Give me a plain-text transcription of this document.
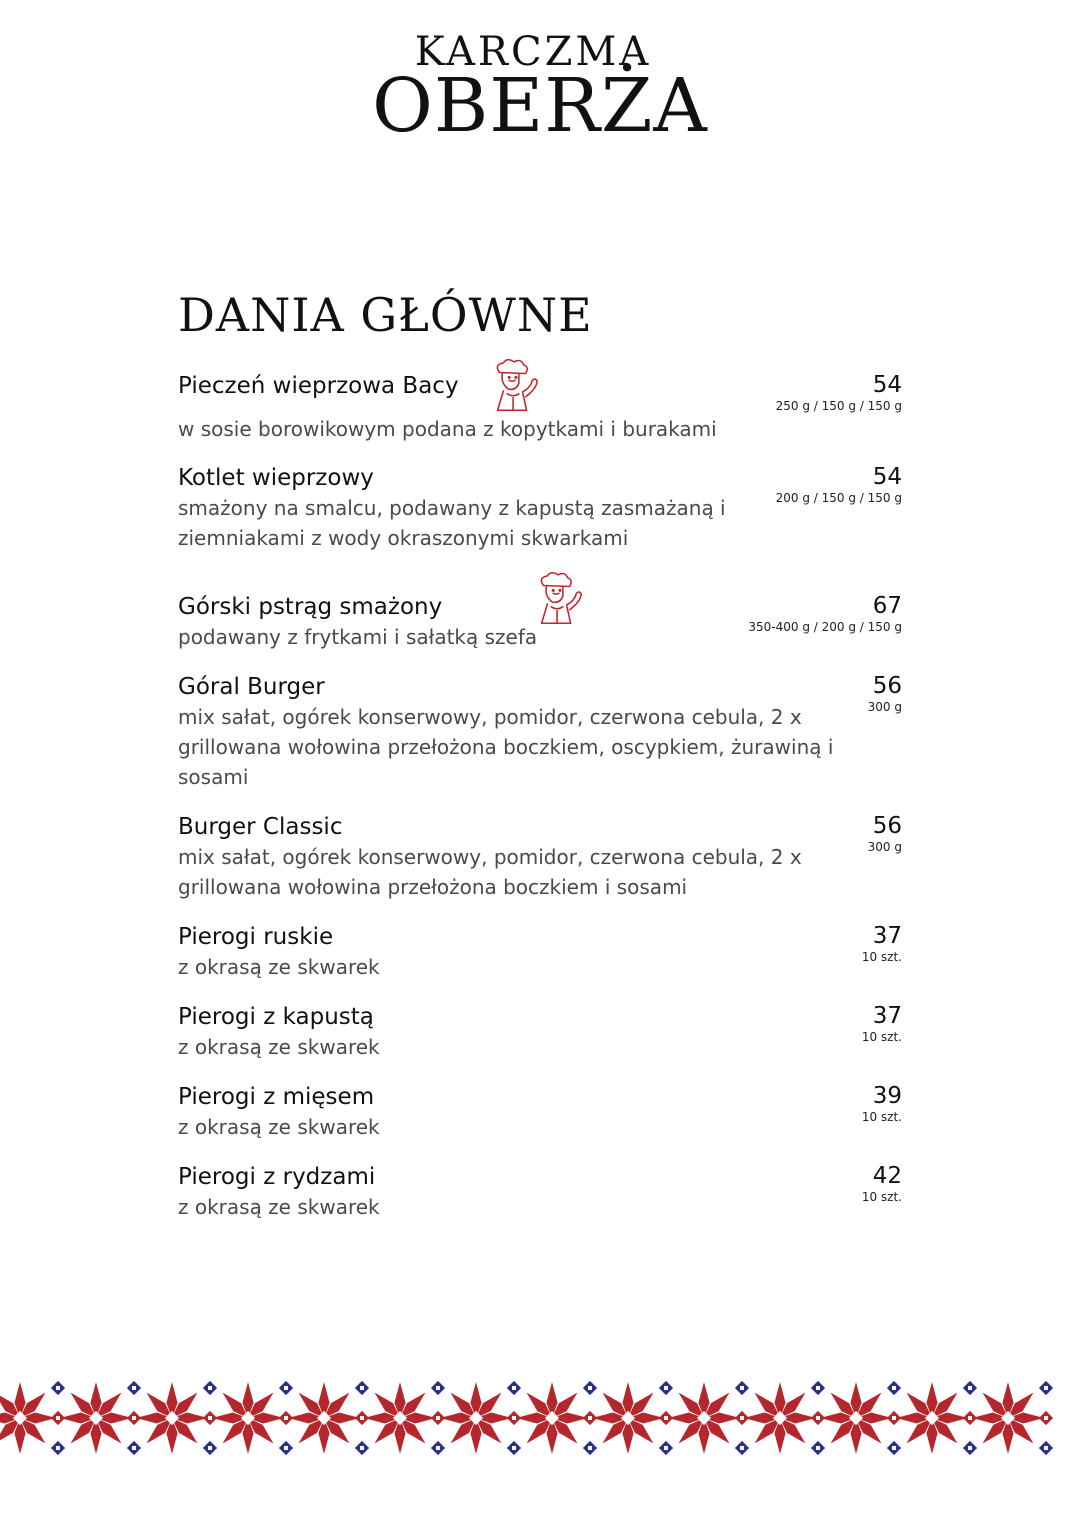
KARCZMA
OBERŻA
DANIA GŁÓWNE
Pieczeń wieprzowa Bacy
w sosie borowikowym podana z kopytkami i burakami
54
250 g / 150 g / 150 g
Kotlet wieprzowy
smażony na smalcu, podawany z kapustą zasmażaną i ziemniakami z wody okraszonymi skwarkami
54
200 g / 150 g / 150 g
Górski pstrąg smażony
podawany z frytkami i sałatką szefa
67
350-400 g / 200 g / 150 g
Góral Burger
mix sałat, ogórek konserwowy, pomidor, czerwona cebula, 2 x grillowana wołowina przełożona boczkiem, oscypkiem, żurawiną i sosami
56
300 g
Burger Classic
mix sałat, ogórek konserwowy, pomidor, czerwona cebula, 2 x grillowana wołowina przełożona boczkiem i sosami
56
300 g
Pierogi ruskie
z okrasą ze skwarek
37
10 szt.
Pierogi z kapustą
z okrasą ze skwarek
37
10 szt.
Pierogi z mięsem
z okrasą ze skwarek
39
10 szt.
Pierogi z rydzami
z okrasą ze skwarek
42
10 szt.
